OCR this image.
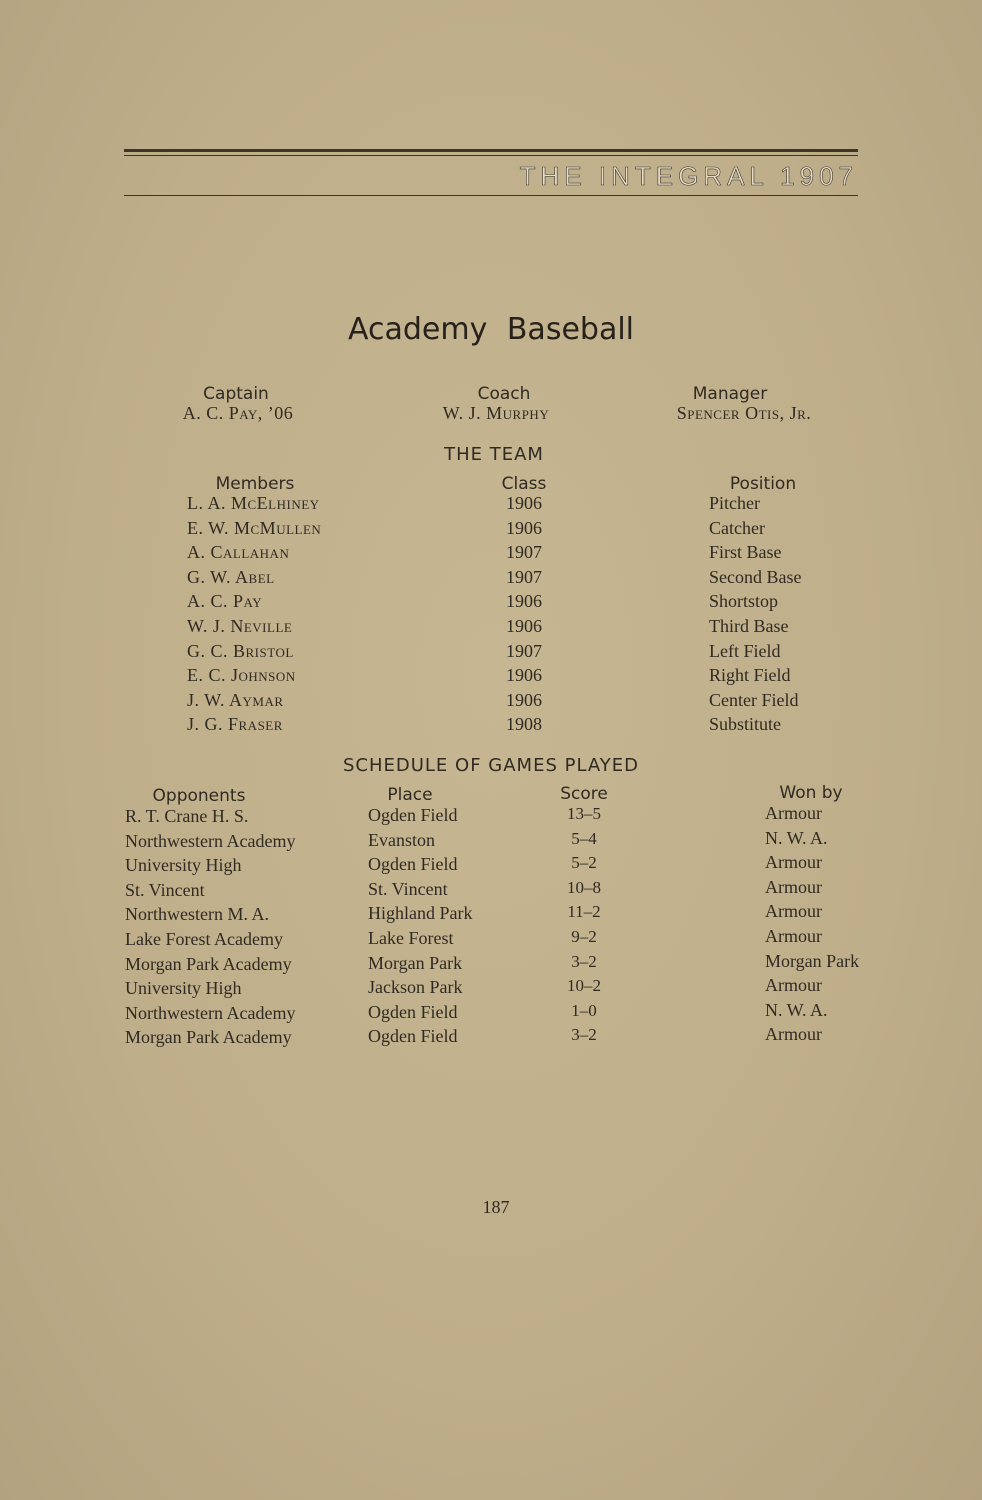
THE INTEGRAL 1907
Academy Baseball
Captain
A. C. Pay, ’06
Coach
W. J. Murphy
Manager
Spencer Otis, Jr.
THE TEAM
Members	Class	Position
L. A. McElhiney	1906	Pitcher
E. W. McMullen	1906	Catcher
A. Callahan	1907	First Base
G. W. Abel	1907	Second Base
A. C. Pay	1906	Shortstop
W. J. Neville	1906	Third Base
G. C. Bristol	1907	Left Field
E. C. Johnson	1906	Right Field
J. W. Aymar	1906	Center Field
J. G. Fraser	1908	Substitute
SCHEDULE OF GAMES PLAYED
Opponents	Place	Score	Won by
R. T. Crane H. S.	Ogden Field	13–5	Armour
Northwestern Academy	Evanston	5–4	N. W. A.
University High	Ogden Field	5–2	Armour
St. Vincent	St. Vincent	10–8	Armour
Northwestern M. A.	Highland Park	11–2	Armour
Lake Forest Academy	Lake Forest	9–2	Armour
Morgan Park Academy	Morgan Park	3–2	Morgan Park
University High	Jackson Park	10–2	Armour
Northwestern Academy	Ogden Field	1–0	N. W. A.
Morgan Park Academy	Ogden Field	3–2	Armour
187
